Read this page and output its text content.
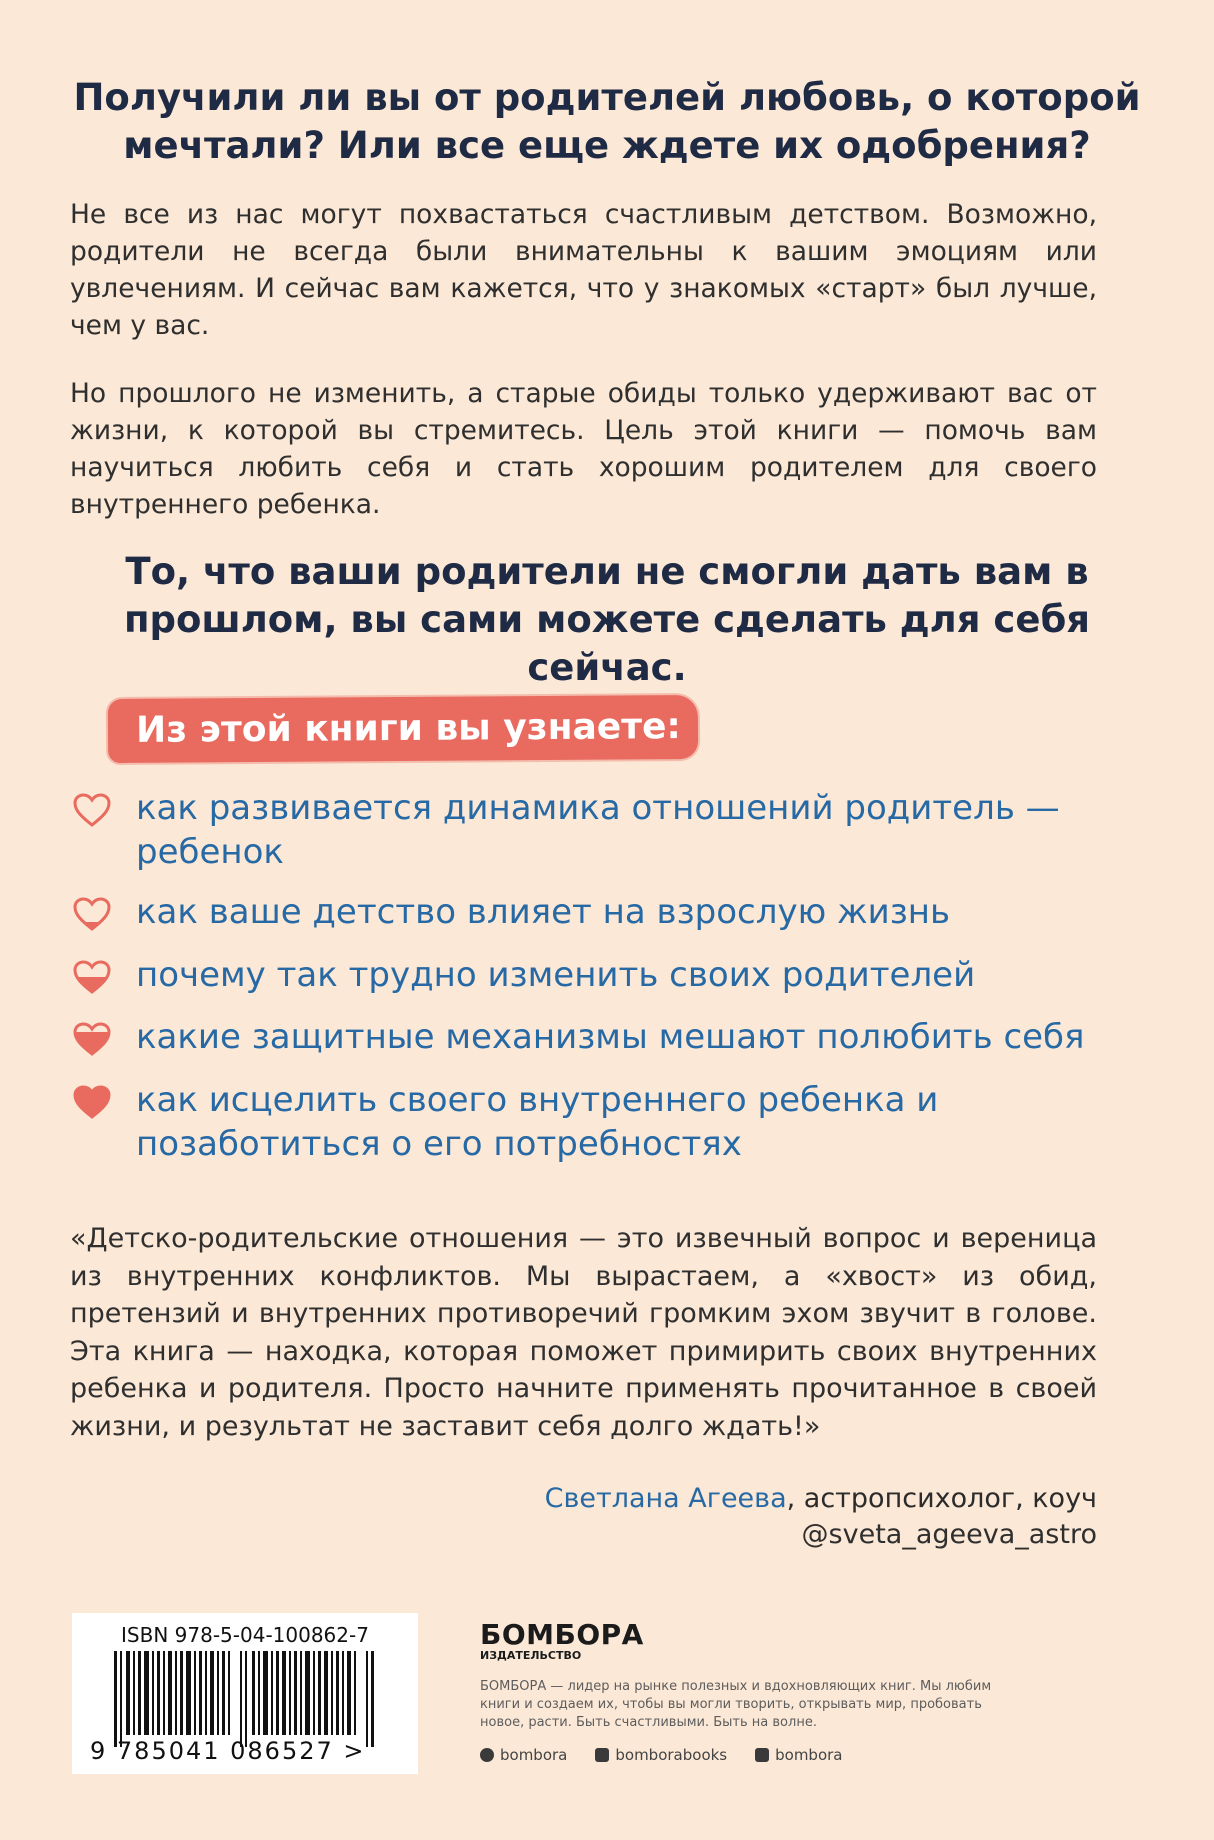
Получили ли вы от родителей любовь, о которой мечтали? Или все еще ждете их одобрения?

Не все из нас могут похвастаться счастливым детством. Возможно, родители не всегда были внимательны к вашим эмоциям или увлечениям. И сейчас вам кажется, что у знакомых «старт» был лучше, чем у вас.

Но прошлого не изменить, а старые обиды только удерживают вас от жизни, к которой вы стремитесь. Цель этой книги — помочь вам научиться любить себя и стать хорошим родителем для своего внутреннего ребенка.

То, что ваши родители не смогли дать вам в прошлом, вы сами можете сделать для себя сейчас.
Из этой книги вы узнаете:
как развивается динамика отношений родитель — ребенок
как ваше детство влияет на взрослую жизнь
почему так трудно изменить своих родителей
какие защитные механизмы мешают полюбить себя
как исцелить своего внутреннего ребенка и позаботиться о его потребностях

«Детско‑родительские отношения — это извечный вопрос и вереница из внутренних конфликтов. Мы вырастаем, а «хвост» из обид, претензий и внутренних противоречий громким эхом звучит в голове. Эта книга — находка, которая поможет примирить своих внутренних ребенка и родителя. Просто начните применять прочитанное в своей жизни, и результат не заставит себя долго ждать!»

Светлана Агеева, астропсихолог, коуч
@sveta_ageeva_astro
ISBN 978-5-04-100862-7
9 785041 086527 >
БОМБОРА
ИЗДАТЕЛЬСТВО
БОМБОРА — лидер на рынке полезных и вдохновляющих книг. Мы любим книги и создаем их, чтобы вы могли творить, открывать мир, пробовать новое, расти. Быть счастливыми. Быть на волне.
bombora	bomborabooks	bombora
